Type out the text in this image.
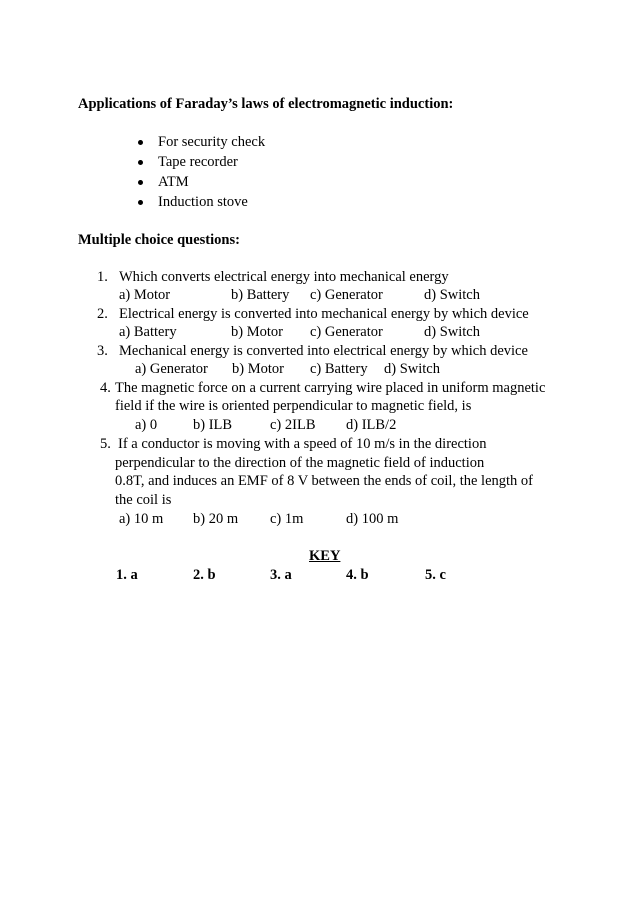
Applications of Faraday’s laws of electromagnetic induction:
For security check
Tape recorder
ATM
Induction stove
Multiple choice questions:
1. Which converts electrical energy into mechanical energy
a) Motor	b) Battery c) Generator	d) Switch
2. Electrical energy is converted into mechanical energy by which device
a) Battery	b) Motor c) Generator	d) Switch
3. Mechanical energy is converted into electrical energy by which device
a) Generator b) Motor c) Battery d) Switch
4. The magnetic force on a current carrying wire placed in uniform magnetic
field if the wire is oriented perpendicular to magnetic field, is
a) 0 b) ILB	c) 2ILB d) ILB/2
5. If a conductor is moving with a speed of 10 m/s in the direction
perpendicular to the direction of the magnetic field of induction
0.8T, and induces an EMF of 8 V between the ends of coil, the length of
the coil is
a) 10 m b) 20 m c) 1m	d) 100 m
KEY
1. a	2. b	3. a	4. b	5. c
